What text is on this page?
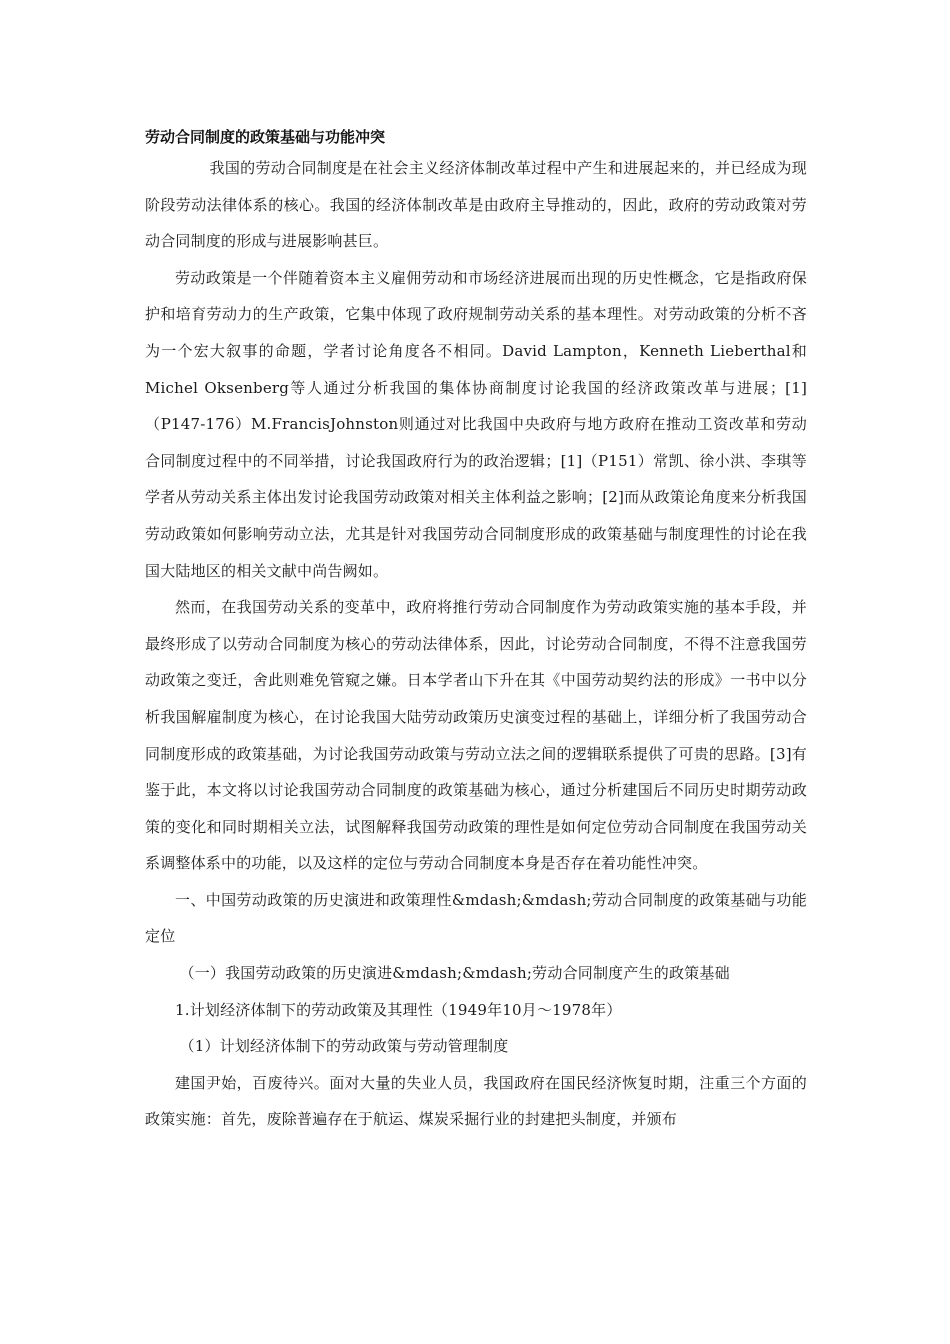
劳动合同制度的政策基础与功能冲突

我国的劳动合同制度是在社会主义经济体制改革过程中产生和进展起来的，并已经成为现阶段劳动法律体系的核心。我国的经济体制改革是由政府主导推动的，因此，政府的劳动政策对劳动合同制度的形成与进展影响甚巨。

劳动政策是一个伴随着资本主义雇佣劳动和市场经济进展而出现的历史性概念，它是指政府保护和培育劳动力的生产政策，它集中体现了政府规制劳动关系的基本理性。对劳动政策的分析不吝为一个宏大叙事的命题，学者讨论角度各不相同。David Lampton，Kenneth Lieberthal和Michel Oksenberg等人通过分析我国的集体协商制度讨论我国的经济政策改革与进展；[1]（P147-176）M.FrancisJohnston则通过对比我国中央政府与地方政府在推动工资改革和劳动合同制度过程中的不同举措，讨论我国政府行为的政治逻辑；[1]（P151）常凯、徐小洪、李琪等学者从劳动关系主体出发讨论我国劳动政策对相关主体利益之影响；[2]而从政策论角度来分析我国劳动政策如何影响劳动立法，尤其是针对我国劳动合同制度形成的政策基础与制度理性的讨论在我国大陆地区的相关文献中尚告阙如。

然而，在我国劳动关系的变革中，政府将推行劳动合同制度作为劳动政策实施的基本手段，并最终形成了以劳动合同制度为核心的劳动法律体系，因此，讨论劳动合同制度，不得不注意我国劳动政策之变迁，舍此则难免管窥之嫌。日本学者山下升在其《中国劳动契约法的形成》一书中以分析我国解雇制度为核心，在讨论我国大陆劳动政策历史演变过程的基础上，详细分析了我国劳动合同制度形成的政策基础，为讨论我国劳动政策与劳动立法之间的逻辑联系提供了可贵的思路。[3]有鉴于此，本文将以讨论我国劳动合同制度的政策基础为核心，通过分析建国后不同历史时期劳动政策的变化和同时期相关立法，试图解释我国劳动政策的理性是如何定位劳动合同制度在我国劳动关系调整体系中的功能，以及这样的定位与劳动合同制度本身是否存在着功能性冲突。

一、中国劳动政策的历史演进和政策理性&mdash;&mdash;劳动合同制度的政策基础与功能定位

（一）我国劳动政策的历史演进&mdash;&mdash;劳动合同制度产生的政策基础

1.计划经济体制下的劳动政策及其理性（1949年10月～1978年）

（1）计划经济体制下的劳动政策与劳动管理制度

建国尹始，百废待兴。面对大量的失业人员，我国政府在国民经济恢复时期，注重三个方面的政策实施：首先，废除普遍存在于航运、煤炭采掘行业的封建把头制度，并颁布
